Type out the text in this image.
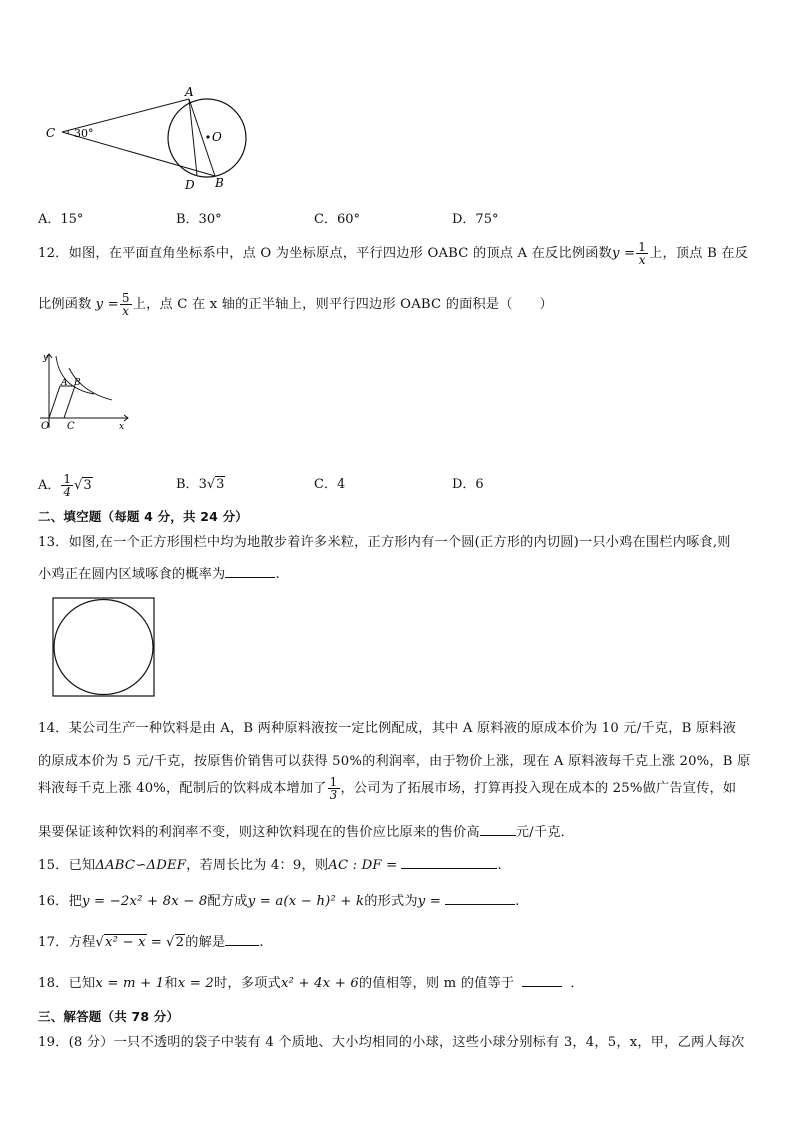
A
C 30°	O
D B
A．15°	B．30°	C．60°	D．75°
12．如图，在平面直角坐标系中，点 O 为坐标原点，平行四边形 OABC 的顶点 A 在反比例函数$y = \frac{1}{x}$ 上，顶点 B 在反
比例函数 $y = \frac{5}{x}$ 上，点 C 在 x 轴的正半轴上，则平行四边形 OABC 的面积是（　　）
y
x
O
A B
C
A． $\frac{1}{4} √3$	B．3√3	C．4	D．6
二、填空题（每题 4 分，共 24 分）
13．如图,在一个正方形围栏中均为地散步着许多米粒，正方形内有一个圆(正方形的内切圆)一只小鸡在围栏内啄食,则
小鸡正在圆内区域啄食的概率为	.
14．某公司生产一种饮料是由 A，B 两种原料液按一定比例配成，其中 A 原料液的原成本价为 10 元/千克，B 原料液
的原成本价为 5 元/千克，按原售价销售可以获得 50%的利润率，由于物价上涨，现在 A 原料液每千克上涨 20%，B 原
料液每千克上涨 40%，配制后的饮料成本增加了 $\frac{1}{3}$ ，公司为了拓展市场，打算再投入现在成本的 25%做广告宣传，如
果要保证该种饮料的利润率不变，则这种饮料现在的售价应比原来的售价高	元/千克．
15．已知ΔABC∽ΔDEF，若周长比为 4：9，则AC : DF =	.
16．把y = −2x² + 8x − 8配方成y = a(x − h)² + k的形式为y =	.
17．方程√x² − x = √2的解是	.
18．已知x = m + 1和x = 2时，多项式x² + 4x + 6的值相等，则 m 的值等于	．
三、解答题（共 78 分）
19．(8 分）一只不透明的袋子中装有 4 个质地、大小均相同的小球，这些小球分别标有 3，4，5，x，甲，乙两人每次
